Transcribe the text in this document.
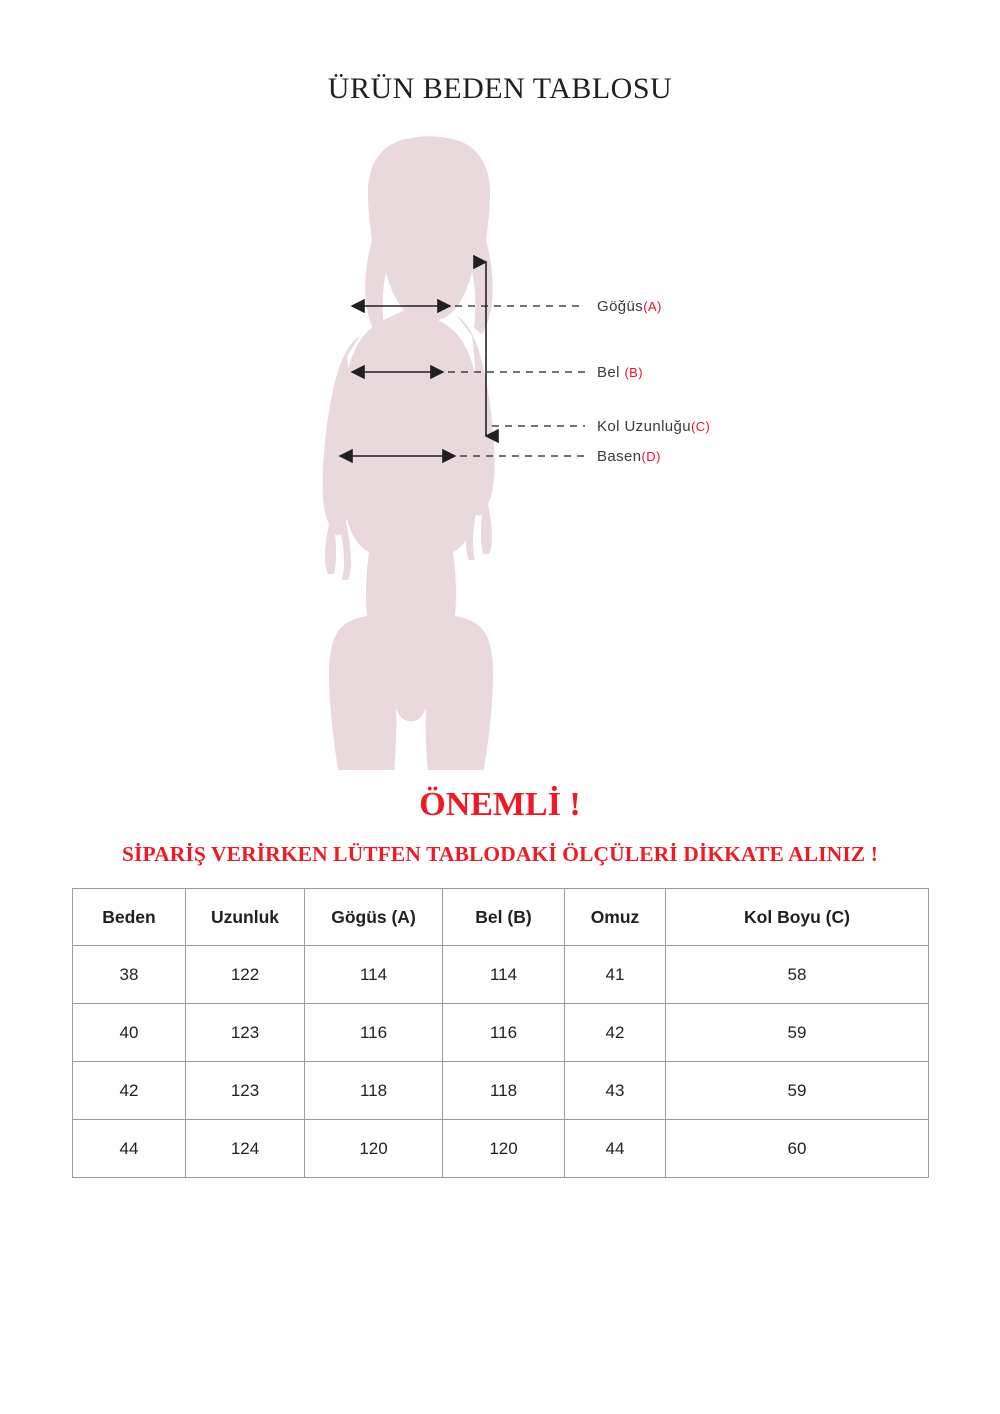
ÜRÜN BEDEN TABLOSU
Göğüs(A)
Bel (B)
Kol Uzunluğu(C)
Basen(D)
ÖNEMLİ !
SİPARİŞ VERİRKEN LÜTFEN TABLODAKİ ÖLÇÜLERİ DİKKATE ALINIZ !
Beden	Uzunluk	Gögüs (A)	Bel (B)	Omuz	Kol Boyu (C)
38	122	114	114	41	58
40	123	116	116	42	59
42	123	118	118	43	59
44	124	120	120	44	60
